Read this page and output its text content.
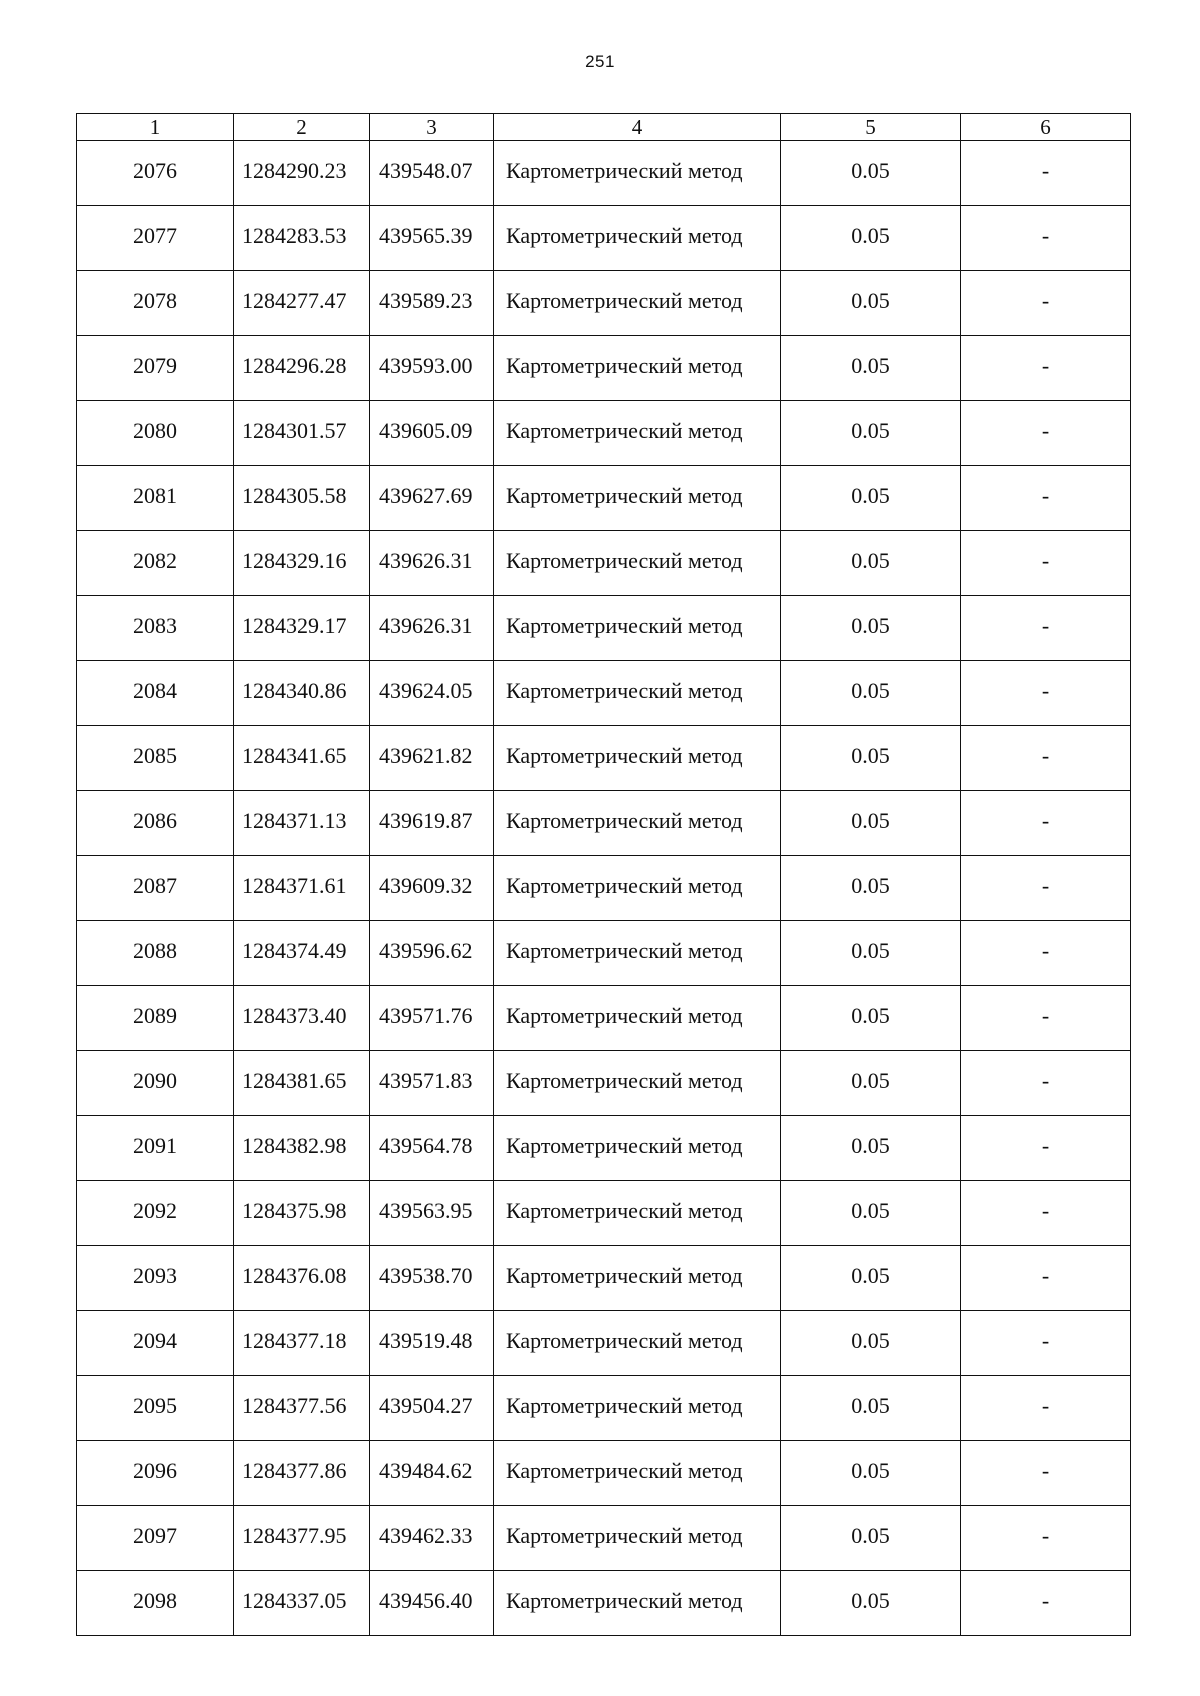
251
1	2	3	4	5	6
2076	1284290.23	439548.07	Картометрический метод	0.05	-
2077	1284283.53	439565.39	Картометрический метод	0.05	-
2078	1284277.47	439589.23	Картометрический метод	0.05	-
2079	1284296.28	439593.00	Картометрический метод	0.05	-
2080	1284301.57	439605.09	Картометрический метод	0.05	-
2081	1284305.58	439627.69	Картометрический метод	0.05	-
2082	1284329.16	439626.31	Картометрический метод	0.05	-
2083	1284329.17	439626.31	Картометрический метод	0.05	-
2084	1284340.86	439624.05	Картометрический метод	0.05	-
2085	1284341.65	439621.82	Картометрический метод	0.05	-
2086	1284371.13	439619.87	Картометрический метод	0.05	-
2087	1284371.61	439609.32	Картометрический метод	0.05	-
2088	1284374.49	439596.62	Картометрический метод	0.05	-
2089	1284373.40	439571.76	Картометрический метод	0.05	-
2090	1284381.65	439571.83	Картометрический метод	0.05	-
2091	1284382.98	439564.78	Картометрический метод	0.05	-
2092	1284375.98	439563.95	Картометрический метод	0.05	-
2093	1284376.08	439538.70	Картометрический метод	0.05	-
2094	1284377.18	439519.48	Картометрический метод	0.05	-
2095	1284377.56	439504.27	Картометрический метод	0.05	-
2096	1284377.86	439484.62	Картометрический метод	0.05	-
2097	1284377.95	439462.33	Картометрический метод	0.05	-
2098	1284337.05	439456.40	Картометрический метод	0.05	-
